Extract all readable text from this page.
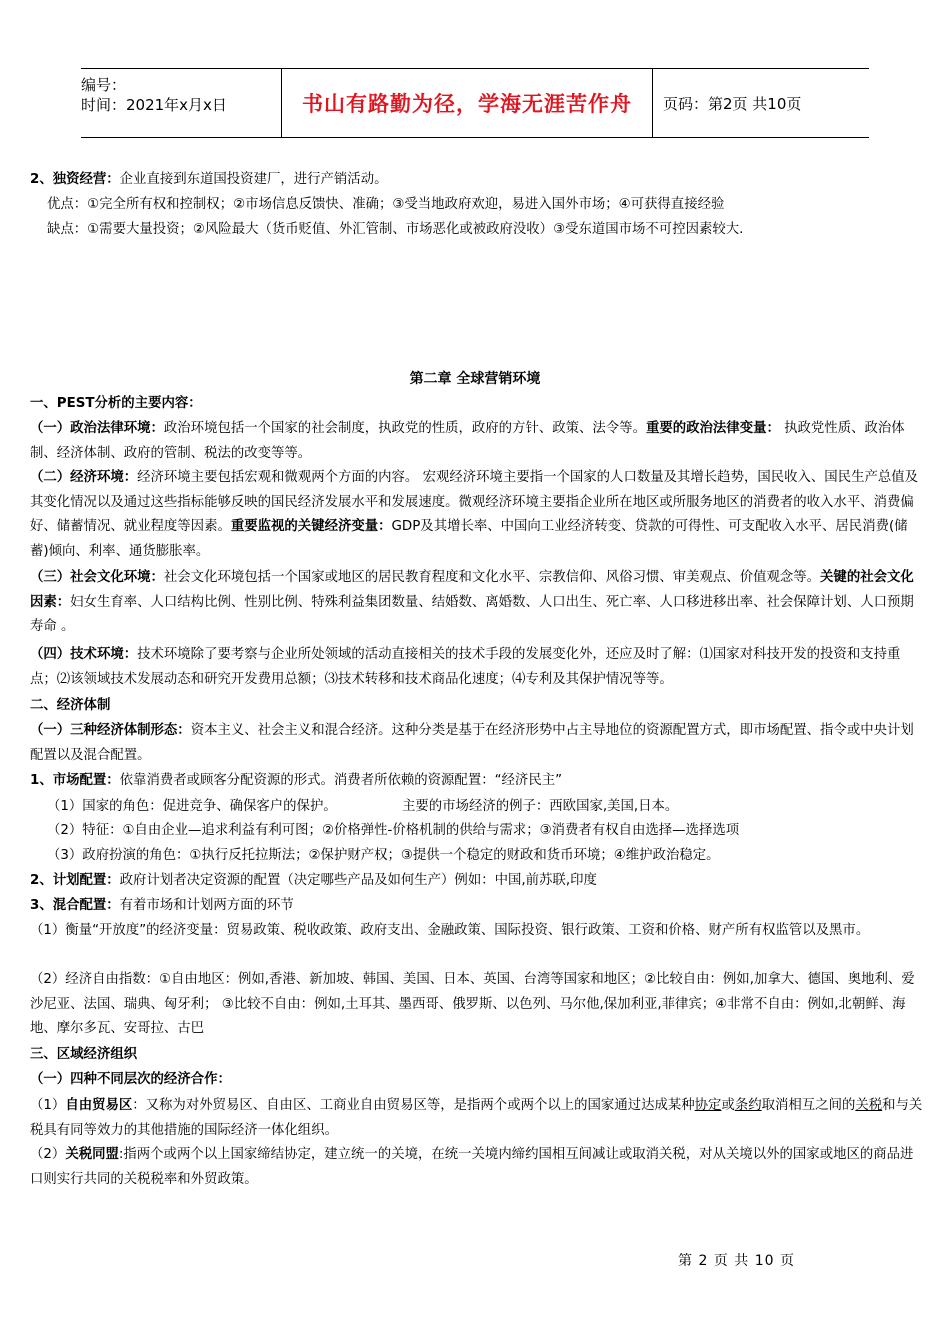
编号：
时间：2021年x月x日	书山有路勤为径，学海无涯苦作舟	页码：第2页 共10页

2、独资经营：企业直接到东道国投资建厂，进行产销活动。

优点：①完全所有权和控制权；②市场信息反馈快、准确；③受当地政府欢迎，易进入国外市场；④可获得直接经验

缺点：①需要大量投资；②风险最大（货币贬值、外汇管制、市场恶化或被政府没收）③受东道国市场不可控因素较大.

第二章 全球营销环境

一、PEST分析的主要内容：

（一）政治法律环境：政治环境包括一个国家的社会制度，执政党的性质，政府的方针、政策、法令等。重要的政治法律变量： 执政党性质、政治体制、经济体制、政府的管制、税法的改变等等。

（二）经济环境：经济环境主要包括宏观和微观两个方面的内容。 宏观经济环境主要指一个国家的人口数量及其增长趋势，国民收入、国民生产总值及其变化情况以及通过这些指标能够反映的国民经济发展水平和发展速度。微观经济环境主要指企业所在地区或所服务地区的消费者的收入水平、消费偏好、储蓄情况、就业程度等因素。重要监视的关键经济变量：GDP及其增长率、中国向工业经济转变、贷款的可得性、可支配收入水平、居民消费(储蓄)倾向、利率、通货膨胀率。

（三）社会文化环境：社会文化环境包括一个国家或地区的居民教育程度和文化水平、宗教信仰、风俗习惯、审美观点、价值观念等。关键的社会文化因素：妇女生育率、人口结构比例、性别比例、特殊利益集团数量、结婚数、离婚数、人口出生、死亡率、人口移进移出率、社会保障计划、人口预期寿命 。

（四）技术环境：技术环境除了要考察与企业所处领域的活动直接相关的技术手段的发展变化外，还应及时了解：⑴国家对科技开发的投资和支持重点；⑵该领域技术发展动态和研究开发费用总额；⑶技术转移和技术商品化速度；⑷专利及其保护情况等等。

二、经济体制

（一）三种经济体制形态：资本主义、社会主义和混合经济。这种分类是基于在经济形势中占主导地位的资源配置方式，即市场配置、指令或中央计划配置以及混合配置。

1、市场配置：依靠消费者或顾客分配资源的形式。消费者所依赖的资源配置：“经济民主”

（1）国家的角色：促进竞争、确保客户的保护。	主要的市场经济的例子：西欧国家,美国,日本。

（2）特征：①自由企业—追求利益有利可图；②价格弹性-价格机制的供给与需求；③消费者有权自由选择—选择选项

（3）政府扮演的角色：①执行反托拉斯法；②保护财产权；③提供一个稳定的财政和货币环境；④维护政治稳定。

2、计划配置：政府计划者决定资源的配置（决定哪些产品及如何生产）例如：中国,前苏联,印度

3、混合配置：有着市场和计划两方面的环节

（1）衡量“开放度”的经济变量：贸易政策、税收政策、政府支出、金融政策、国际投资、银行政策、工资和价格、财产所有权监管以及黑市。

（2）经济自由指数：①自由地区：例如,香港、新加坡、韩国、美国、日本、英国、台湾等国家和地区；②比较自由：例如,加拿大、德国、奥地利、爱沙尼亚、法国、瑞典、匈牙利； ③比较不自由：例如,土耳其、墨西哥、俄罗斯、以色列、马尔他,保加利亚,菲律宾；④非常不自由：例如,北朝鲜、海地、摩尔多瓦、安哥拉、古巴

三、区域经济组织

（一）四种不同层次的经济合作：

（1）自由贸易区：又称为对外贸易区、自由区、工商业自由贸易区等，是指两个或两个以上的国家通过达成某种协定或条约取消相互之间的关税和与关税具有同等效力的其他措施的国际经济一体化组织。

（2）关税同盟:指两个或两个以上国家缔结协定，建立统一的关境，在统一关境内缔约国相互间减让或取消关税，对从关境以外的国家或地区的商品进口则实行共同的关税税率和外贸政策。

第 2 页 共 10 页
